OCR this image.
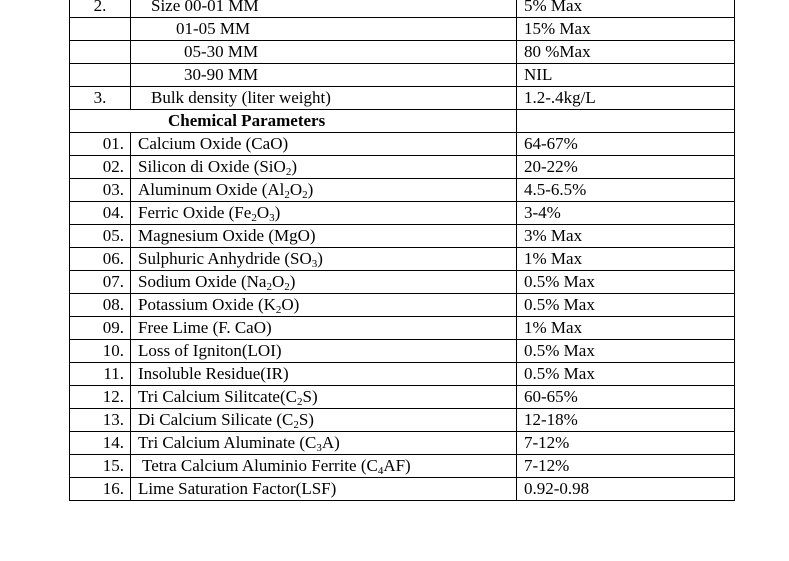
2.	Size 00-01 MM	5% Max
	01-05 MM	15% Max
	05-30 MM	80 %Max
	30-90 MM	NIL
3.	Bulk density (liter weight)	1.2-.4kg/L
Chemical Parameters		
01.	Calcium Oxide (CaO)	64-67%
02.	Silicon di Oxide (SiO$_2$)	20-22%
03.	Aluminum Oxide $(Al_2O_2)$	4.5-6.5%
04.	Ferric Oxide $(Fe_2O_3)$	3-4%
05.	Magnesium Oxide (MgO)	3% Max
06.	Sulphuric Anhydride $(SO_3)$	1% Max
07.	Sodium Oxide $(Na_2O_2)$	0.5% Max
08.	Potassium Oxide $(K_2O)$	0.5% Max
09.	Free Lime (F. CaO)	1% Max
10.	Loss of Igniton(LOI)	0.5% Max
11.	Insoluble Residue(IR)	0.5% Max
12.	Tri Calcium $Silitcate(C_2S)$	60-65%
13.	Di Calcium Silicate $(C_2S)$	12-18%
14.	Tri Calcium Aluminate $(C_3A)$	7-12%
15.	Tetra Calcium Aluminio Ferrite $(C_4AF)$	7-12%
16.	Lime Saturation Factor(LSF)	0.92-0.98
